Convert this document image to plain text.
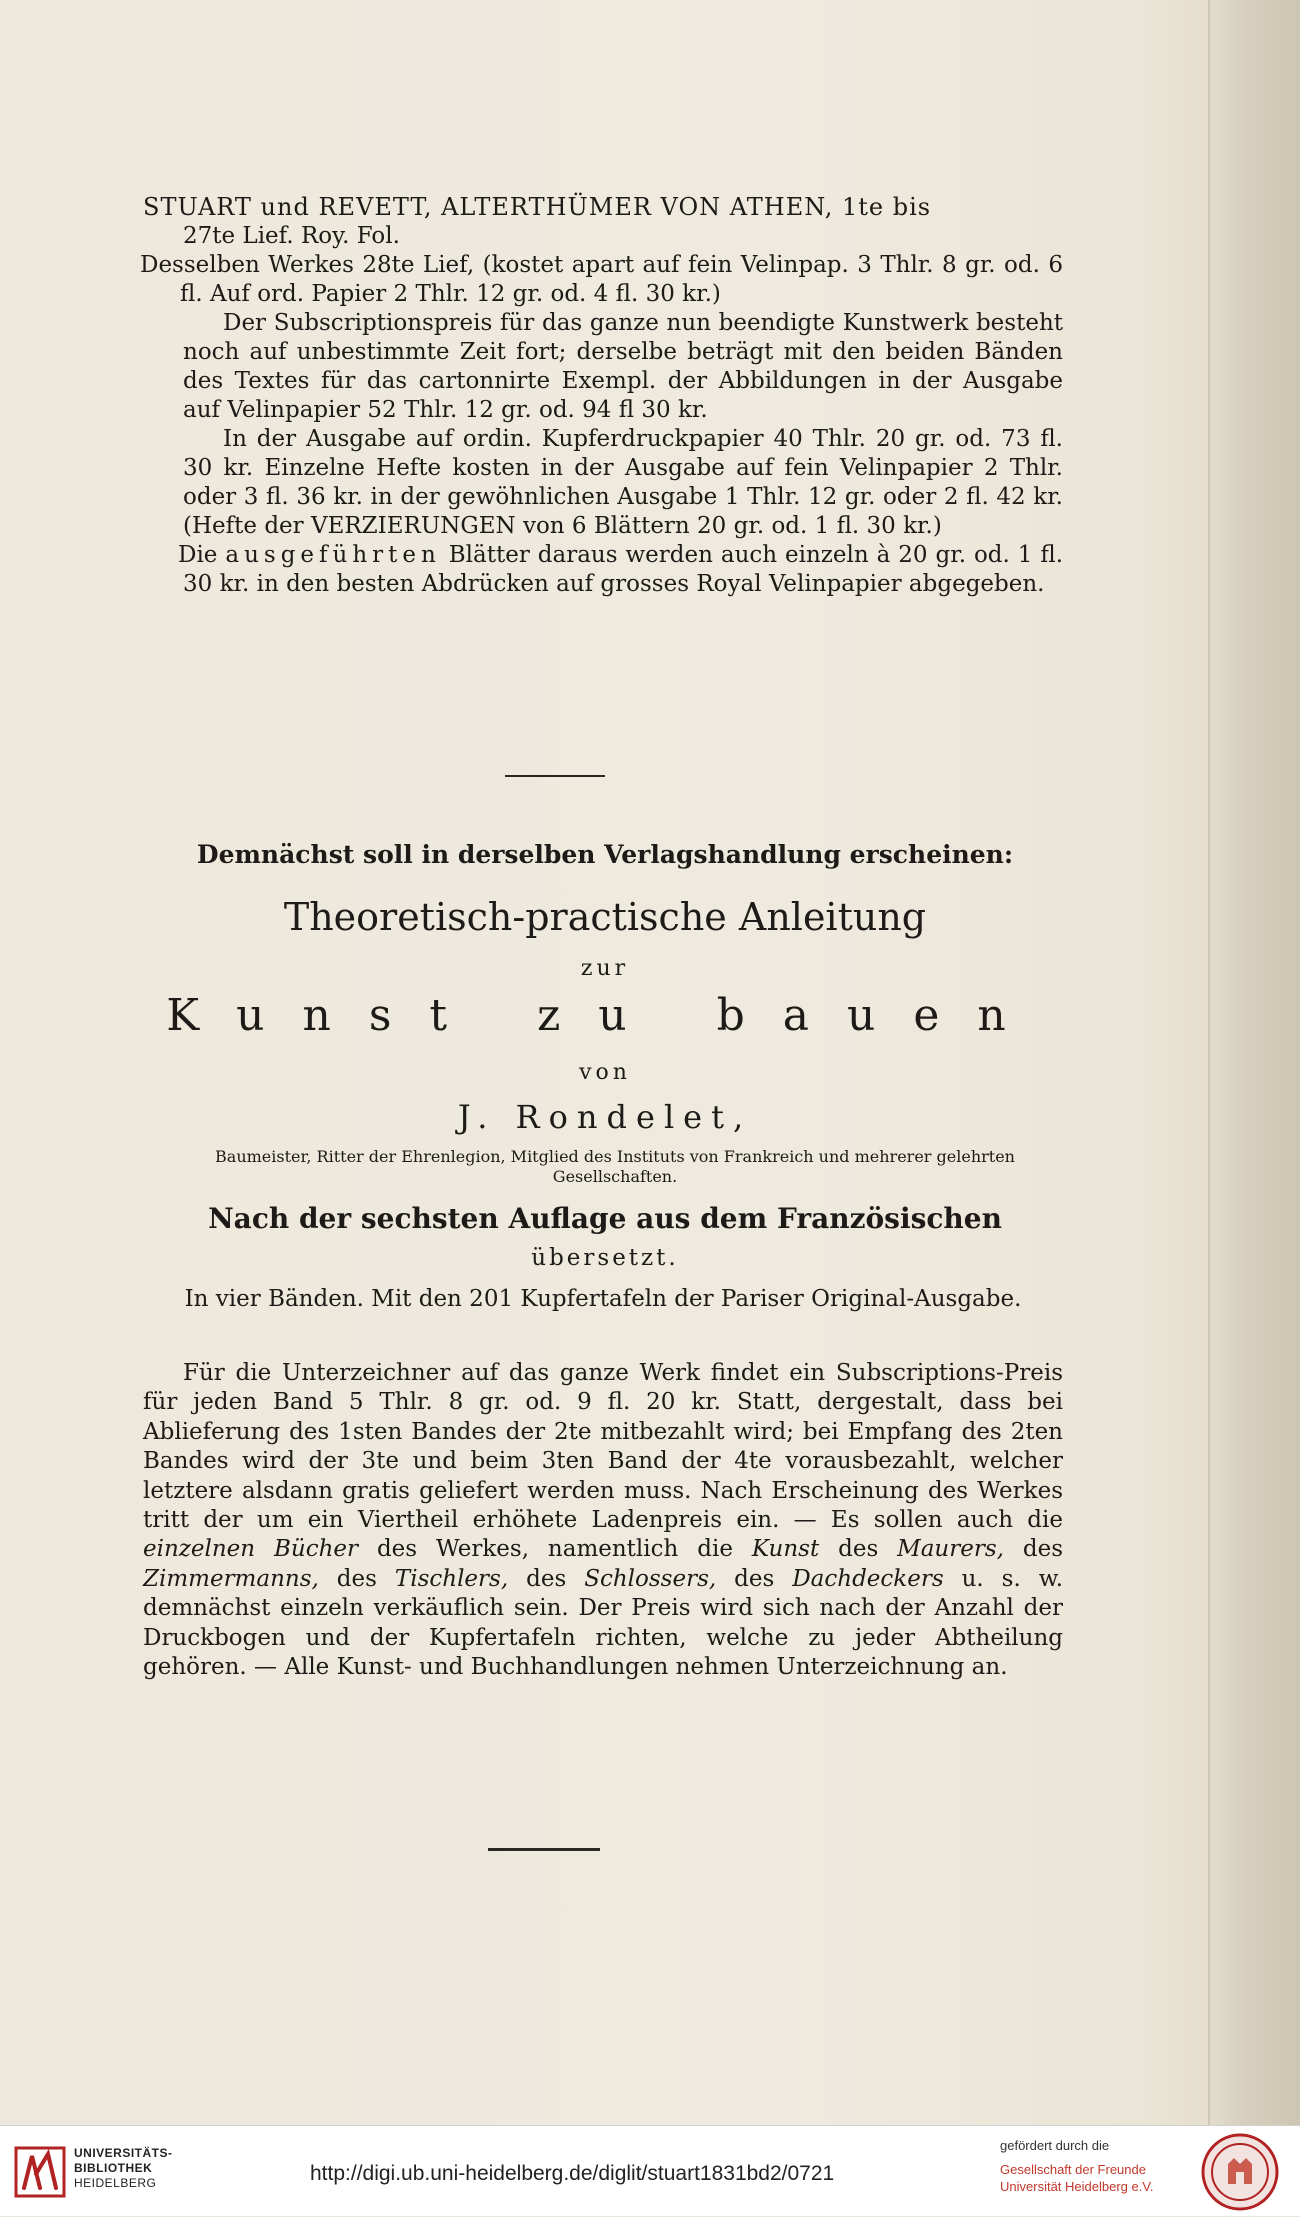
STUART und REVETT, ALTERTHÜMER VON ATHEN, 1te bis

27te Lief. Roy. Fol.

Desselben Werkes 28te Lief, (kostet apart auf fein Velinpap. 3 Thlr. 8 gr. od. 6 fl. Auf ord. Papier 2 Thlr. 12 gr. od. 4 fl. 30 kr.)

Der Subscriptionspreis für das ganze nun beendigte Kunstwerk besteht noch auf unbestimmte Zeit fort; derselbe beträgt mit den beiden Bänden des Textes für das cartonnirte Exempl. der Abbildungen in der Ausgabe auf Velinpapier 52 Thlr. 12 gr. od. 94 fl 30 kr.

In der Ausgabe auf ordin. Kupferdruckpapier 40 Thlr. 20 gr. od. 73 fl. 30 kr. Einzelne Hefte kosten in der Ausgabe auf fein Velinpapier 2 Thlr. oder 3 fl. 36 kr. in der gewöhnlichen Ausgabe 1 Thlr. 12 gr. oder 2 fl. 42 kr. (Hefte der VERZIERUNGEN von 6 Blättern 20 gr. od. 1 fl. 30 kr.)

Die ausgeführten Blätter daraus werden auch einzeln à 20 gr. od. 1 fl. 30 kr. in den besten Abdrücken auf grosses Royal Velinpapier abgegeben.

Demnächst soll in derselben Verlagshandlung erscheinen:
Theoretisch-practische Anleitung
zur
Kunst zu bauen
von
J. Rondelet,
Baumeister, Ritter der Ehrenlegion, Mitglied des Instituts von Frankreich und mehrerer gelehrten Gesellschaften.
Nach der sechsten Auflage aus dem Französischen
übersetzt.
In vier Bänden. Mit den 201 Kupfertafeln der Pariser Original-Ausgabe.
Für die Unterzeichner auf das ganze Werk findet ein Subscriptions-Preis für jeden Band 5 Thlr. 8 gr. od. 9 fl. 20 kr. Statt, dergestalt, dass bei Ablieferung des 1sten Bandes der 2te mitbezahlt wird; bei Empfang des 2ten Bandes wird der 3te und beim 3ten Band der 4te vorausbezahlt, welcher letztere alsdann gratis geliefert werden muss. Nach Erscheinung des Werkes tritt der um ein Viertheil erhöhete Ladenpreis ein. — Es sollen auch die einzelnen Bücher des Werkes, namentlich die Kunst des Maurers, des Zimmermanns, des Tischlers, des Schlossers, des Dachdeckers u. s. w. demnächst einzeln verkäuflich sein. Der Preis wird sich nach der Anzahl der Druckbogen und der Kupfertafeln richten, welche zu jeder Abtheilung gehören. — Alle Kunst- und Buchhandlungen nehmen Unterzeichnung an.
UNIVERSITÄTS-
BIBLIOTHEK
HEIDELBERG	http://digi.ub.uni-heidelberg.de/diglit/stuart1831bd2/0721
gefördert durch die
Gesellschaft der Freunde
Universität Heidelberg e.V.
